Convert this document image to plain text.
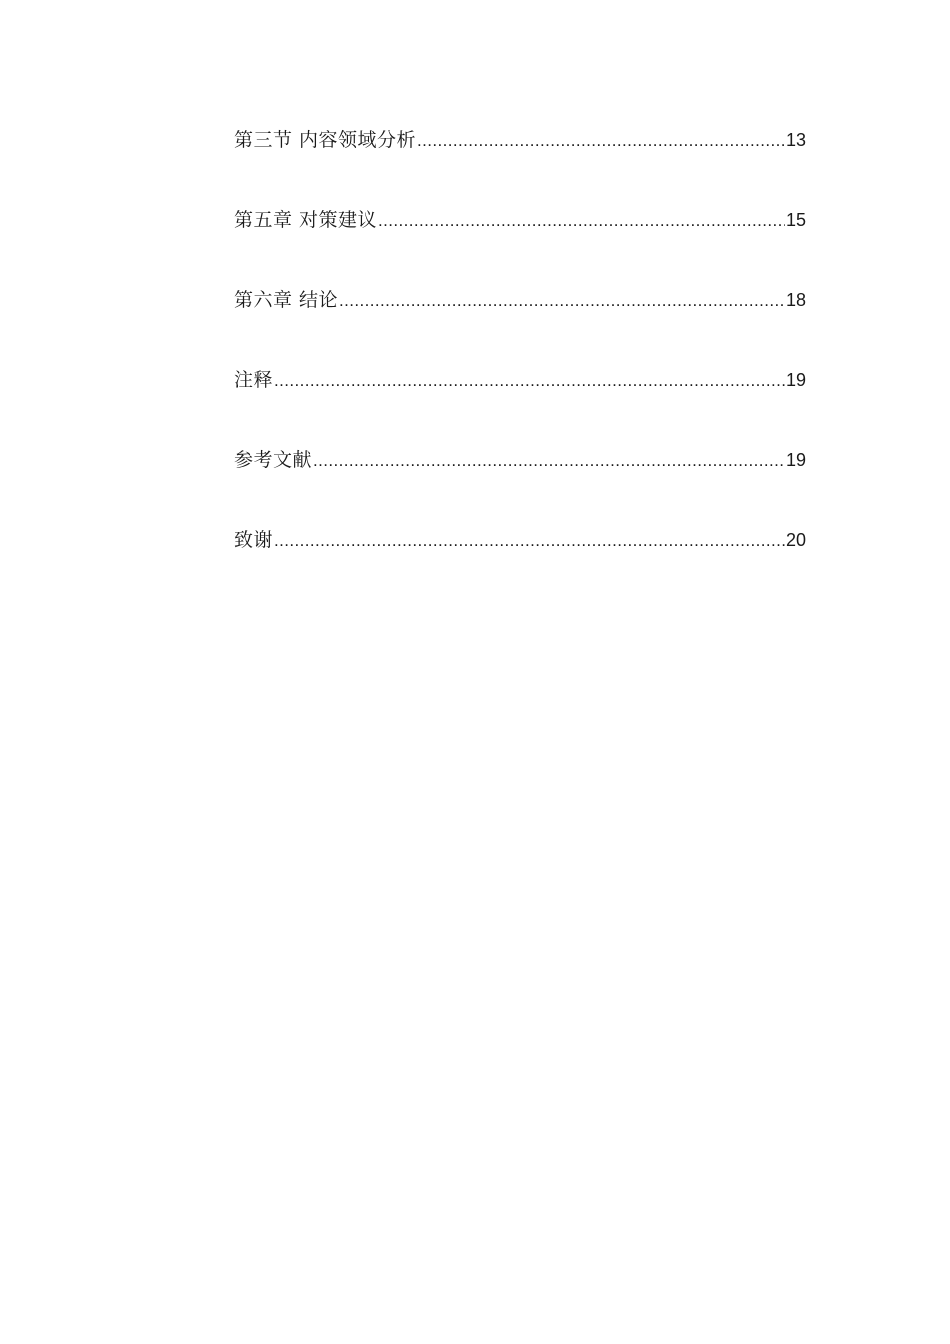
第三节 内容领域分析 .....	13
第五章 对策建议 .....	15
第六章 结论 .....	18
注释 .....	19
参考文献 .....	19
致谢 .....	20
